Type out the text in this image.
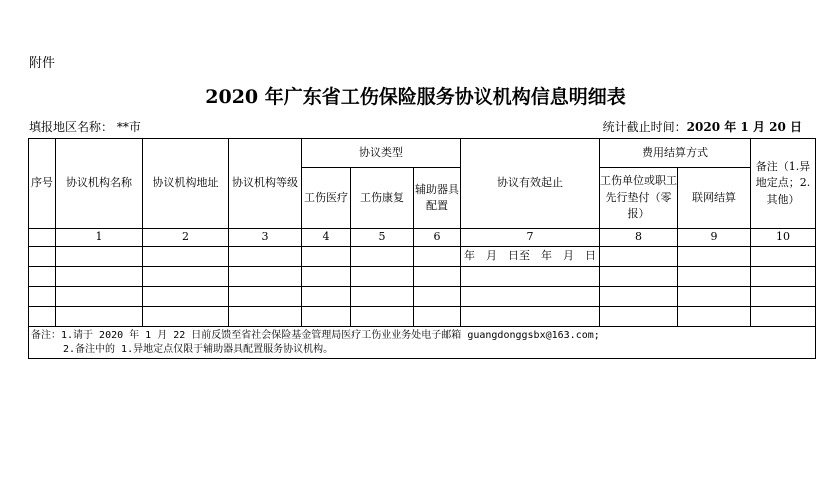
附件
2020 年广东省工伤保险服务协议机构信息明细表
填报地区名称： **市	统计截止时间：2020 年 1 月 20 日
序号	协议机构名称	协议机构地址	协议机构等级	协议类型			协议有效起止	费用结算方式		备注（1.异地定点；2.其他）
				工伤医疗	工伤康复	辅助器具配置		工伤单位或职工先行垫付（零报）	联网结算	
	1	2	3	4	5	6	7	8	9	10
							年　月　日至　年　月　日			

备注：1.请于 2020 年 1 月 22 日前反馈至省社会保险基金管理局医疗工伤业业务处电子邮箱 guangdonggsbx@163.com;
2.备注中的 1.异地定点仅限于辅助器具配置服务协议机构。										
